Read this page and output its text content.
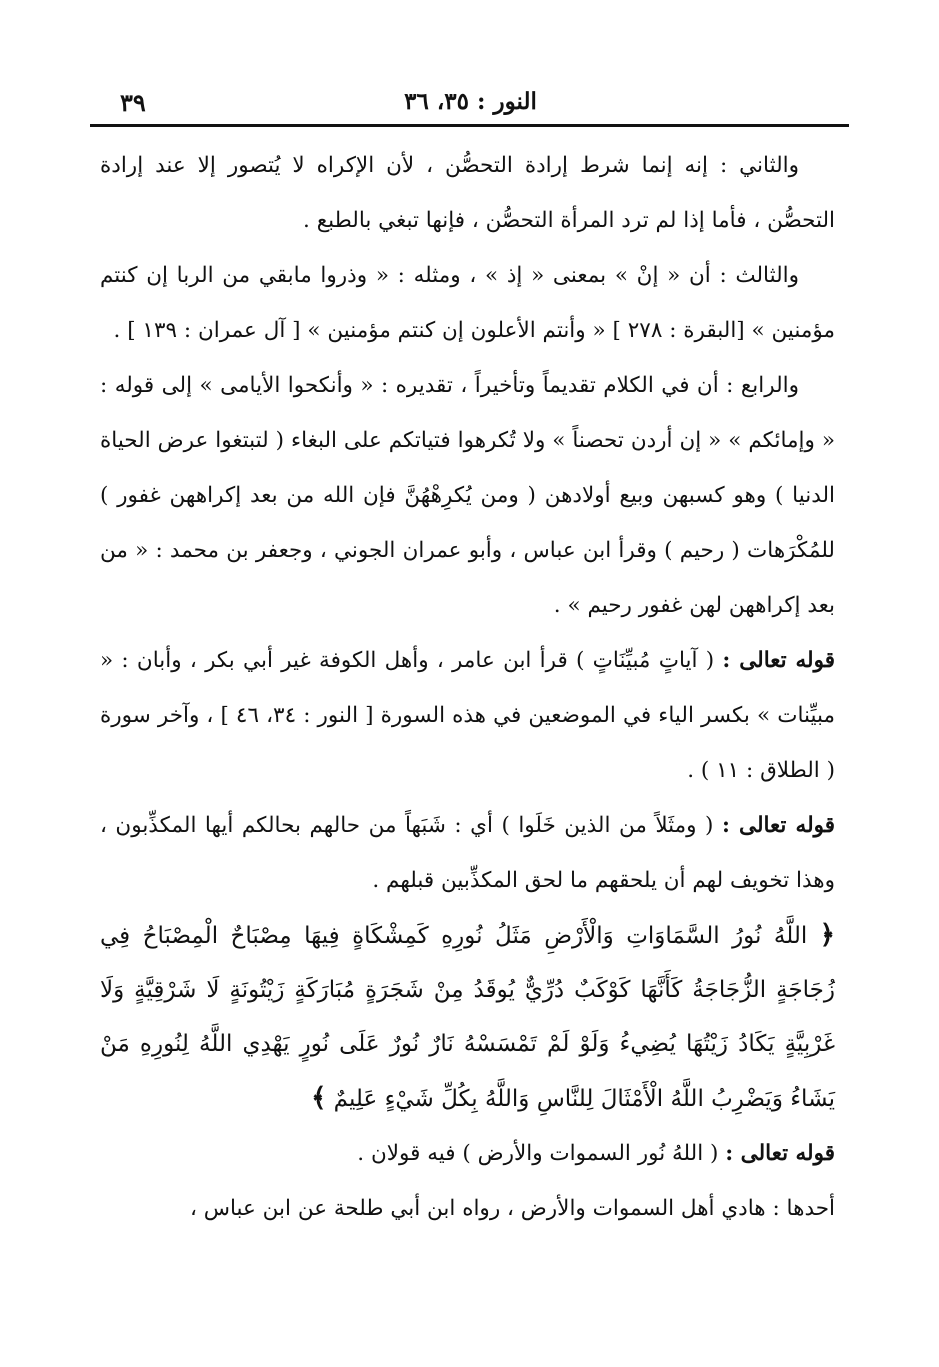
٣٩	النور : ٣٥، ٣٦

والثاني : إنه إنما شرط إرادة التحصُّن ، لأن الإكراه لا يُتصور إلا عند إرادة التحصُّن ، فأما إذا لم ترد المرأة التحصُّن ، فإنها تبغي بالطبع .

والثالث : أن « إنْ » بمعنى « إذ » ، ومثله : « وذروا مابقي من الربا إن كنتم مؤمنين » [البقرة : ٢٧٨ ] « وأنتم الأعلون إن كنتم مؤمنين » [ آل عمران : ١٣٩ ] .

والرابع : أن في الكلام تقديماً وتأخيراً ، تقديره : « وأنكحوا الأيامى » إلى قوله : « وإمائكم » « إن أردن تحصناً » ولا تُكرهوا فتياتكم على البغاء ( لتبتغوا عرض الحياة الدنيا ) وهو كسبهن وبيع أولادهن ( ومن يُكرِهْهُنَّ فإن الله من بعد إكراههن غفور ) للمُكْرَهات ( رحيم ) وقرأ ابن عباس ، وأبو عمران الجوني ، وجعفر بن محمد : « من بعد إكراههن لهن غفور رحيم » .

قوله تعالى : ( آياتٍ مُبيِّنَاتٍ ) قرأ ابن عامر ، وأهل الكوفة غير أبي بكر ، وأبان : « مبيِّنات » بكسر الياء في الموضعين في هذه السورة [ النور : ٣٤، ٤٦ ] ، وآخر سورة ( الطلاق : ١١ ) .

قوله تعالى : ( ومثَلاً من الذين خَلَوا ) أي : شَبَهاً من حالهم بحالكم أيها المكذِّبون ، وهذا تخويف لهم أن يلحقهم ما لحق المكذِّبين قبلهم .

﴿ اللَّهُ نُورُ السَّمَاوَاتِ وَالْأَرْضِ مَثَلُ نُورِهِ كَمِشْكَاةٍ فِيهَا مِصْبَاحٌ الْمِصْبَاحُ فِي زُجَاجَةٍ الزُّجَاجَةُ كَأَنَّهَا كَوْكَبٌ دُرِّيٌّ يُوقَدُ مِنْ شَجَرَةٍ مُبَارَكَةٍ زَيْتُونَةٍ لَا شَرْقِيَّةٍ وَلَا غَرْبِيَّةٍ يَكَادُ زَيْتُهَا يُضِيءُ وَلَوْ لَمْ تَمْسَسْهُ نَارٌ نُورٌ عَلَى نُورٍ يَهْدِي اللَّهُ لِنُورِهِ مَنْ يَشَاءُ وَيَضْرِبُ اللَّهُ الْأَمْثَالَ لِلنَّاسِ وَاللَّهُ بِكُلِّ شَيْءٍ عَلِيمٌ ﴾

قوله تعالى : ( اللهُ نُور السموات والأرض ) فيه قولان .

أحدها : هادي أهل السموات والأرض ، رواه ابن أبي طلحة عن ابن عباس ،
